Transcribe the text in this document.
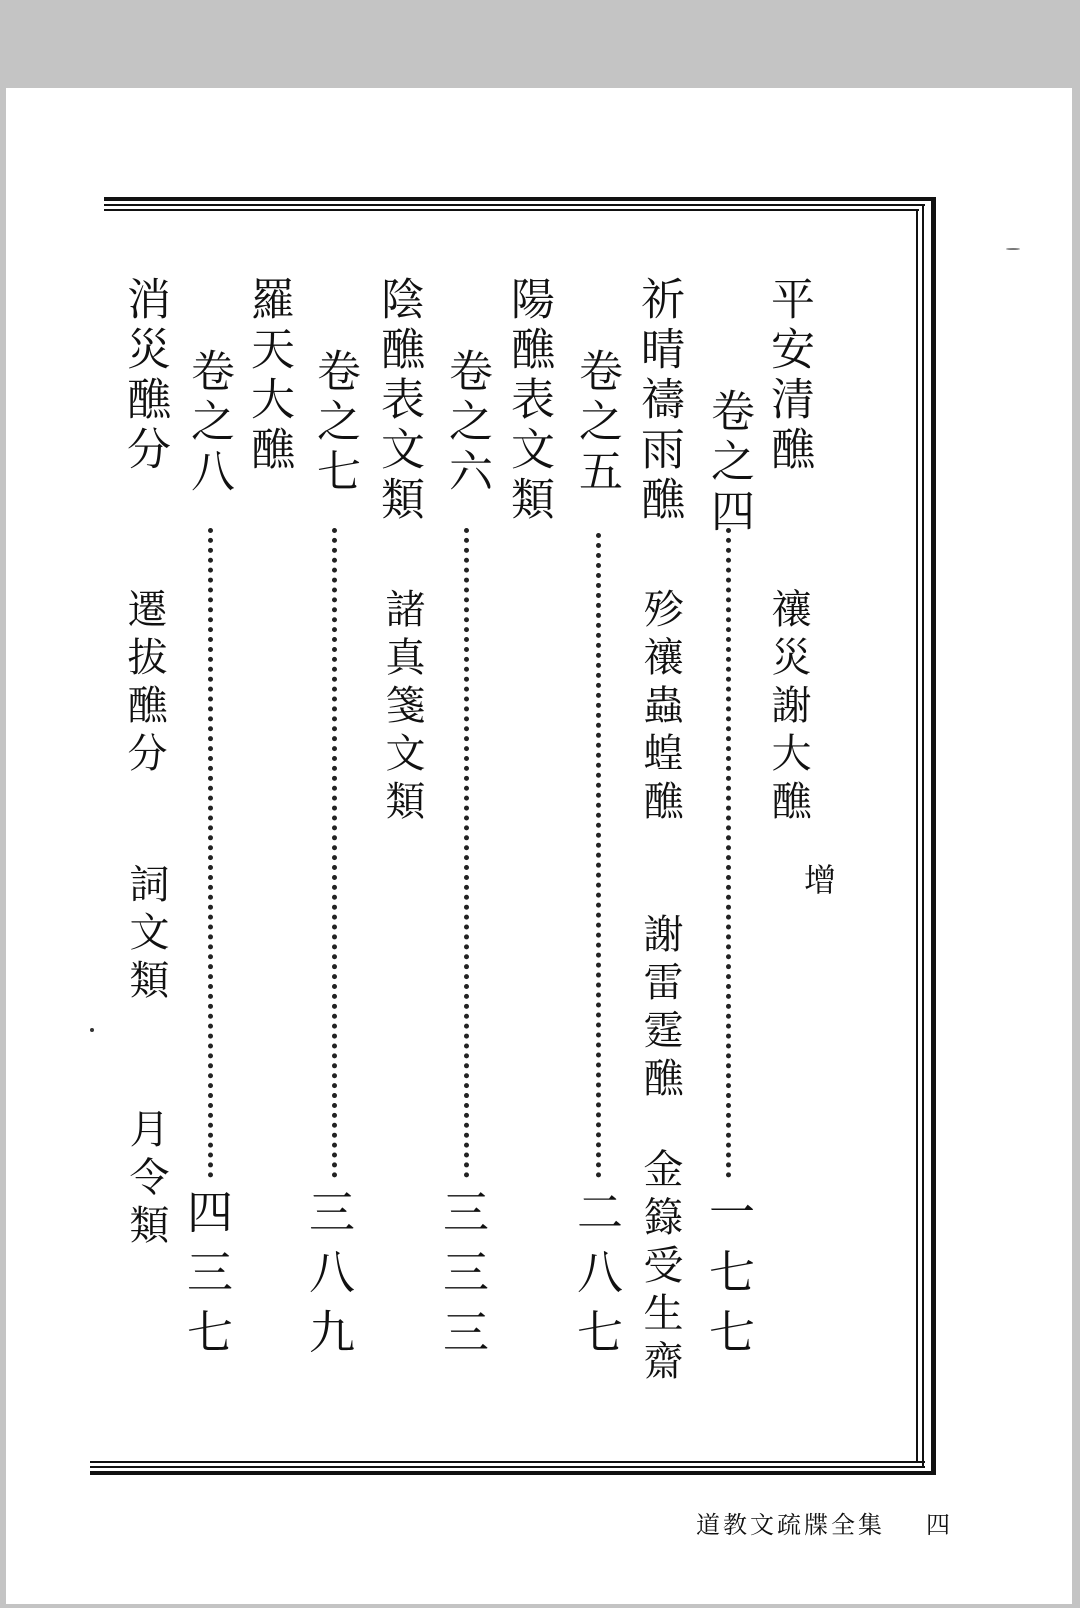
平安清醮
禳災謝大醮
增
卷之四
一七七
祈晴禱雨醮
殄禳蟲蝗醮
謝雷霆醮
金籙受生齋
卷之五
二八七
陽醮表文類
卷之六
三三三
陰醮表文類
諸真箋文類
卷之七
三八九
羅天大醮
卷之八
四三七
消災醮分
遷拔醮分
詞文類
月令類
道教文疏牒全集 四
